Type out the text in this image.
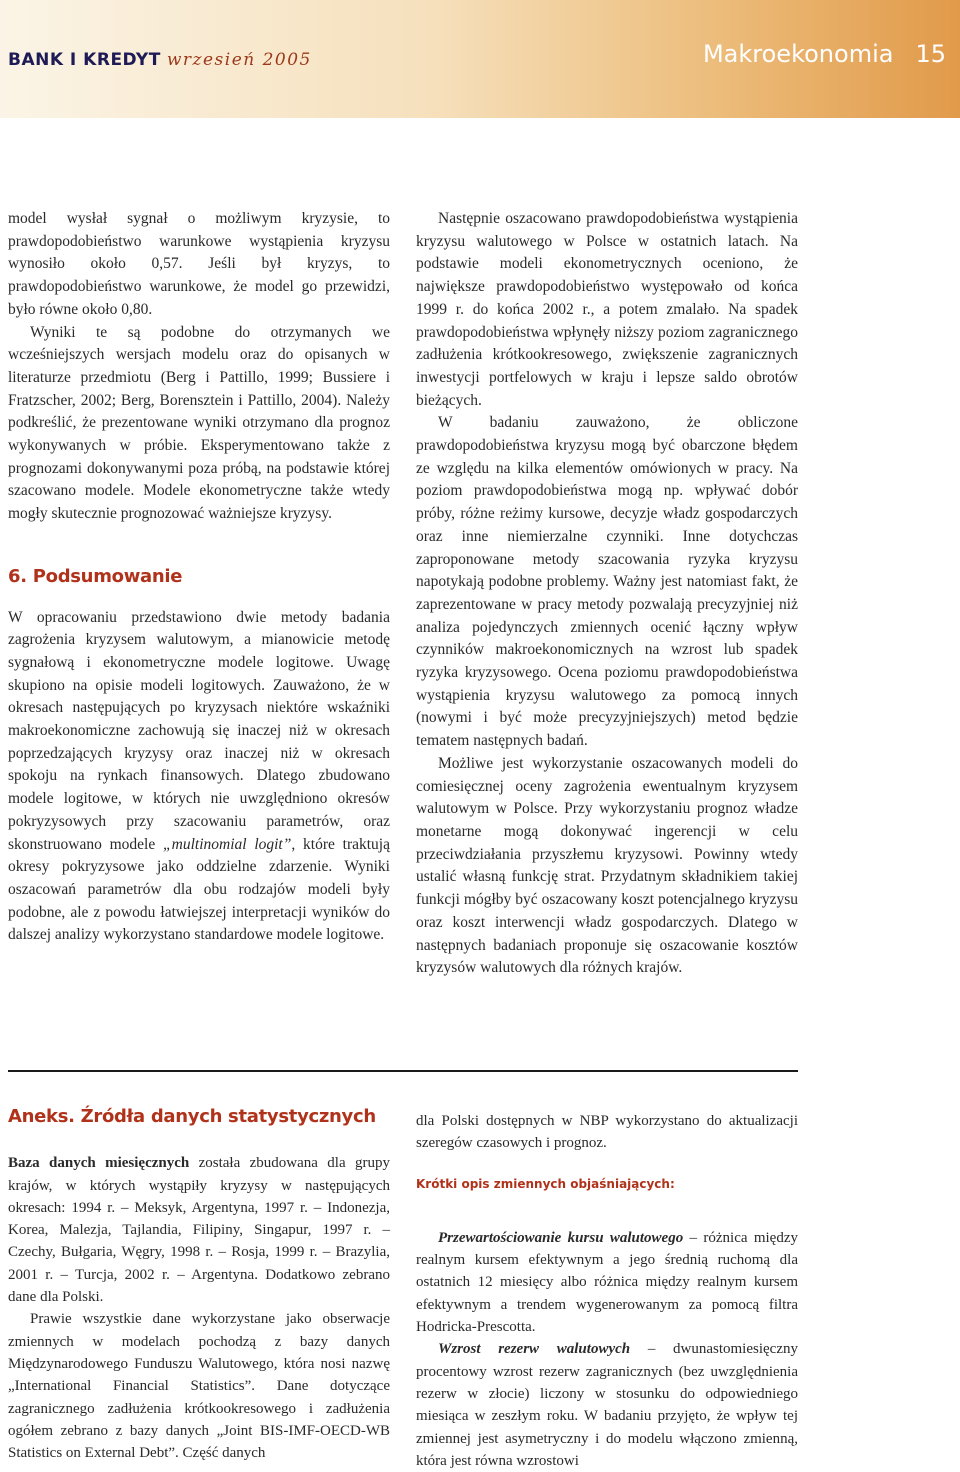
BANK I KREDYT wrzesień 2005	Makroekonomia 15

model wysłał sygnał o możliwym kryzysie, to prawdopodobieństwo warunkowe wystąpienia kryzysu wynosiło około 0,57. Jeśli był kryzys, to prawdopodobieństwo warunkowe, że model go przewidzi, było równe około 0,80.

Wyniki te są podobne do otrzymanych we wcześniejszych wersjach modelu oraz do opisanych w literaturze przedmiotu (Berg i Pattillo, 1999; Bussiere i Fratzscher, 2002; Berg, Borensztein i Pattillo, 2004). Należy podkreślić, że prezentowane wyniki otrzymano dla prognoz wykonywanych w próbie. Eksperymentowano także z prognozami dokonywanymi poza próbą, na podstawie której szacowano modele. Modele ekonometryczne także wtedy mogły skutecznie prognozować ważniejsze kryzysy.

6. Podsumowanie

W opracowaniu przedstawiono dwie metody badania zagrożenia kryzysem walutowym, a mianowicie metodę sygnałową i ekonometryczne modele logitowe. Uwagę skupiono na opisie modeli logitowych. Zauważono, że w okresach następujących po kryzysach niektóre wskaźniki makroekonomiczne zachowują się inaczej niż w okresach poprzedzających kryzysy oraz inaczej niż w okresach spokoju na rynkach finansowych. Dlatego zbudowano modele logitowe, w których nie uwzględniono okresów pokryzysowych przy szacowaniu parametrów, oraz skonstruowano modele „multinomial logit”, które traktują okresy pokryzysowe jako oddzielne zdarzenie. Wyniki oszacowań parametrów dla obu rodzajów modeli były podobne, ale z powodu łatwiejszej interpretacji wyników do dalszej analizy wykorzystano standardowe modele logitowe.

Następnie oszacowano prawdopodobieństwa wystąpienia kryzysu walutowego w Polsce w ostatnich latach. Na podstawie modeli ekonometrycznych oceniono, że największe prawdopodobieństwo występowało od końca 1999 r. do końca 2002 r., a potem zmalało. Na spadek prawdopodobieństwa wpłynęły niższy poziom zagranicznego zadłużenia krótkookresowego, zwiększenie zagranicznych inwestycji portfelowych w kraju i lepsze saldo obrotów bieżących.

W badaniu zauważono, że obliczone prawdopodobieństwa kryzysu mogą być obarczone błędem ze względu na kilka elementów omówionych w pracy. Na poziom prawdopodobieństwa mogą np. wpływać dobór próby, różne reżimy kursowe, decyzje władz gospodarczych oraz inne niemierzalne czynniki. Inne dotychczas zaproponowane metody szacowania ryzyka kryzysu napotykają podobne problemy. Ważny jest natomiast fakt, że zaprezentowane w pracy metody pozwalają precyzyjniej niż analiza pojedynczych zmiennych ocenić łączny wpływ czynników makroekonomicznych na wzrost lub spadek ryzyka kryzysowego. Ocena poziomu prawdopodobieństwa wystąpienia kryzysu walutowego za pomocą innych (nowymi i być może precyzyjniejszych) metod będzie tematem następnych badań.

Możliwe jest wykorzystanie oszacowanych modeli do comiesięcznej oceny zagrożenia ewentualnym kryzysem walutowym w Polsce. Przy wykorzystaniu prognoz władze monetarne mogą dokonywać ingerencji w celu przeciwdziałania przyszłemu kryzysowi. Powinny wtedy ustalić własną funkcję strat. Przydatnym składnikiem takiej funkcji mógłby być oszacowany koszt potencjalnego kryzysu oraz koszt interwencji władz gospodarczych. Dlatego w następnych badaniach proponuje się oszacowanie kosztów kryzysów walutowych dla różnych krajów.

Aneks. Źródła danych statystycznych

Baza danych miesięcznych została zbudowana dla grupy krajów, w których wystąpiły kryzysy w następujących okresach: 1994 r. – Meksyk, Argentyna, 1997 r. – Indonezja, Korea, Malezja, Tajlandia, Filipiny, Singapur, 1997 r. – Czechy, Bułgaria, Węgry, 1998 r. – Rosja, 1999 r. – Brazylia, 2001 r. – Turcja, 2002 r. – Argentyna. Dodatkowo zebrano dane dla Polski.

Prawie wszystkie dane wykorzystane jako obserwacje zmiennych w modelach pochodzą z bazy danych Międzynarodowego Funduszu Walutowego, która nosi nazwę „International Financial Statistics”. Dane dotyczące zagranicznego zadłużenia krótkookresowego i zadłużenia ogółem zebrano z bazy danych „Joint BIS-IMF-OECD-WB Statistics on External Debt”. Część danych

dla Polski dostępnych w NBP wykorzystano do aktualizacji szeregów czasowych i prognoz.

Krótki opis zmiennych objaśniających:

Przewartościowanie kursu walutowego – różnica między realnym kursem efektywnym a jego średnią ruchomą dla ostatnich 12 miesięcy albo różnica między realnym kursem efektywnym a trendem wygenerowanym za pomocą filtra Hodricka-Prescotta.

Wzrost rezerw walutowych – dwunastomiesięczny procentowy wzrost rezerw zagranicznych (bez uwzględnienia rezerw w złocie) liczony w stosunku do odpowiedniego miesiąca w zeszłym roku. W badaniu przyjęto, że wpływ tej zmiennej jest asymetryczny i do modelu włączono zmienną, która jest równa wzrostowi
